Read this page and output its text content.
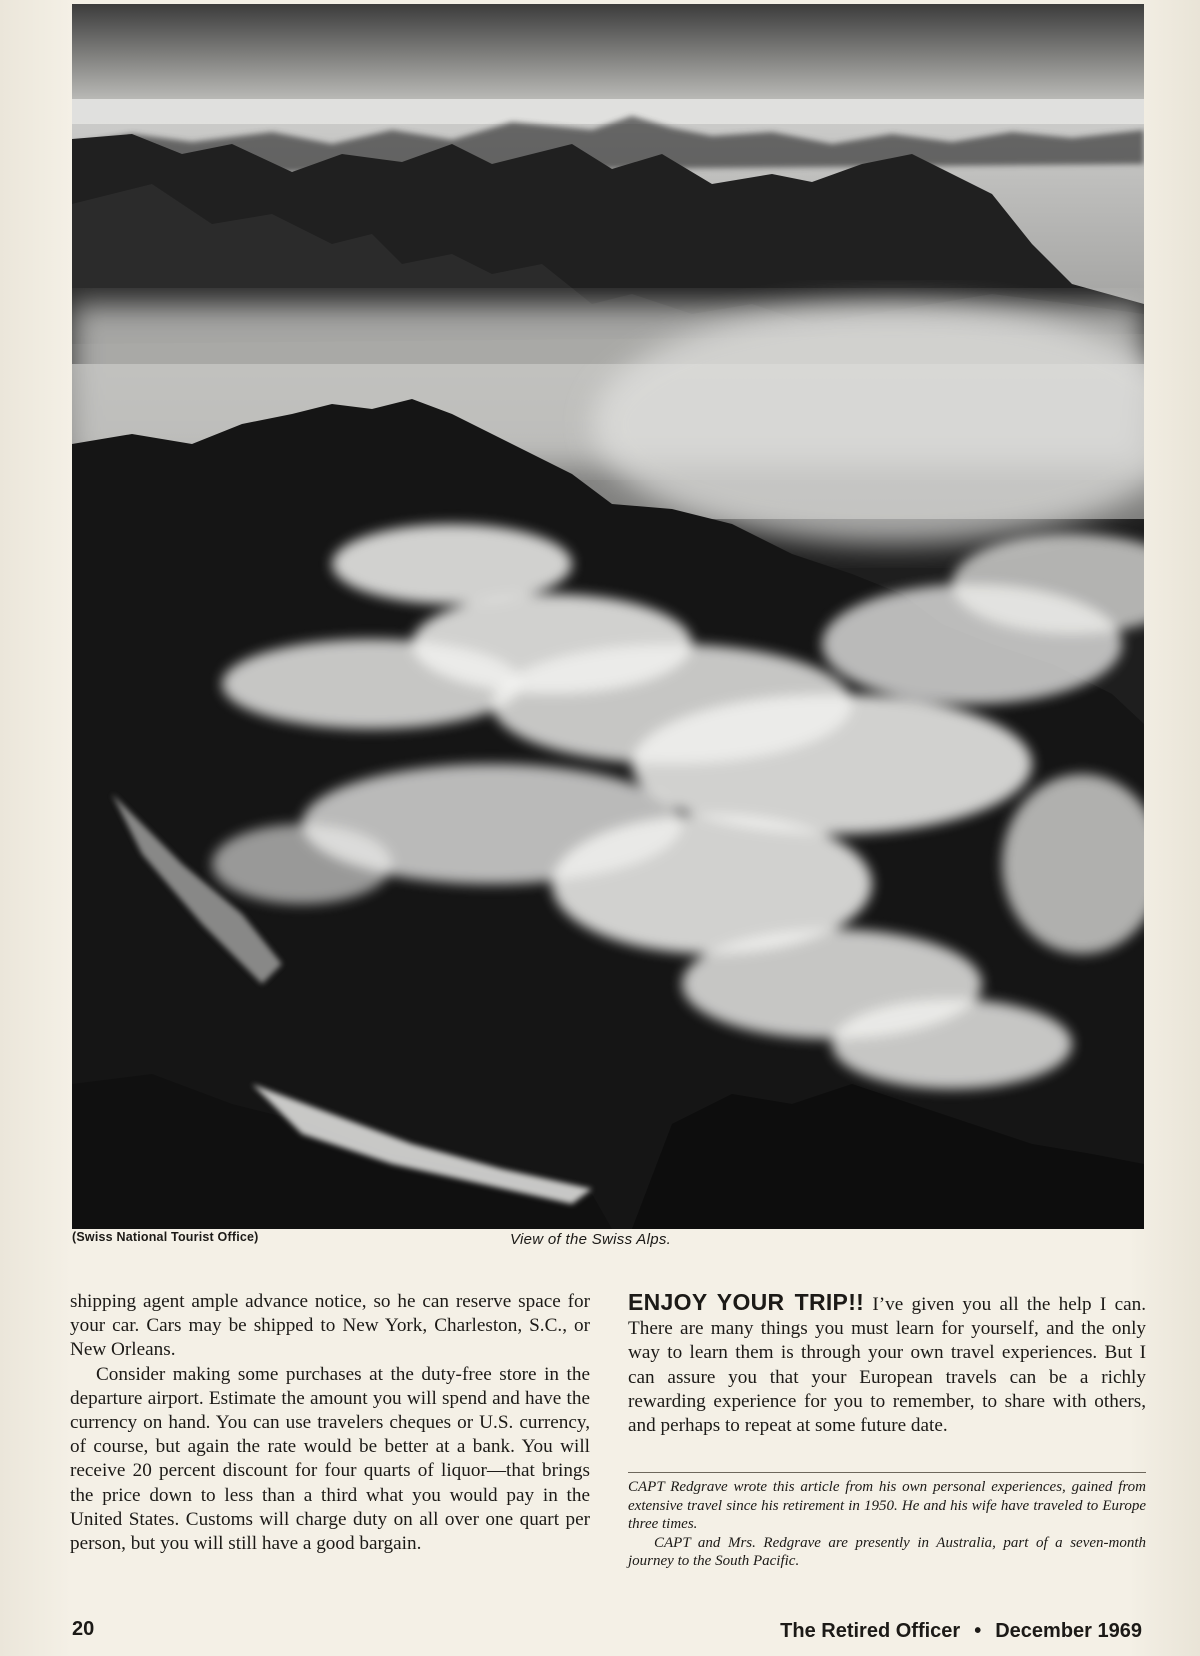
(Swiss National Tourist Office)	View of the Swiss Alps.

shipping agent ample advance notice, so he can reserve space for your car. Cars may be shipped to New York, Charleston, S.C., or New Orleans.

Consider making some purchases at the duty-free store in the departure airport. Estimate the amount you will spend and have the currency on hand. You can use travelers cheques or U.S. currency, of course, but again the rate would be better at a bank. You will receive 20 percent discount for four quarts of liquor—that brings the price down to less than a third what you would pay in the United States. Customs will charge duty on all over one quart per person, but you will still have a good bargain.

ENJOY YOUR TRIP!! I’ve given you all the help I can. There are many things you must learn for yourself, and the only way to learn them is through your own travel experiences. But I can assure you that your European travels can be a richly rewarding experience for you to remember, to share with others, and perhaps to repeat at some future date.

CAPT Redgrave wrote this article from his own personal experiences, gained from extensive travel since his retirement in 1950. He and his wife have traveled to Europe three times.

CAPT and Mrs. Redgrave are presently in Australia, part of a seven-month journey to the South Pacific.

20	The Retired Officer • December 1969
